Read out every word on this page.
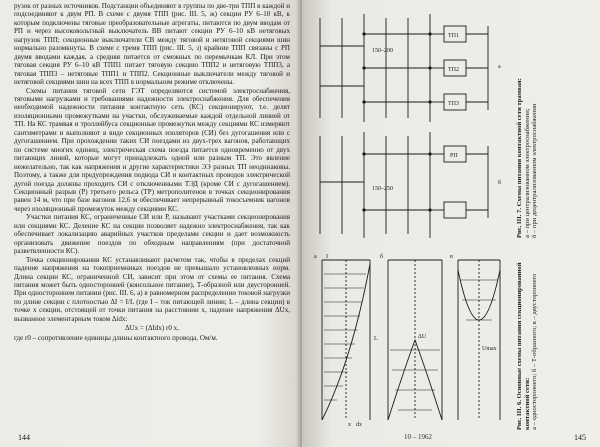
рузок от разных источников. Подстанции объединяют в группы по две-три ТПП в каждой и подсоединяют к двум РП. В схеме с двумя ТПП (рис. III. 5, ж) секции РУ 6–10 кВ, к которым подключены тяговые преобразовательные агрегаты, питаются по двум вводам от РП и через высоковольтный выключатель ВВ питают секции РУ 6–10 кВ нетяговых нагрузок ТПП; секционные выключатели СВ между тяговой и нетяговой секциями шин нормально разомкнуты. В схеме с тремя ТПП (рис. III. 5, з) крайние ТПП связаны с РП двумя вводами каждая, а средняя питается от смежных по перемычкам КЛ. При этом тяговая секция РУ 6–10 кВ ТПП1 питает тяговую секцию ТПП2 и нетяговую ТПП3, а тяговая ТПП3 – нетяговые ТПП1 и ТПП2. Секционные выключатели между тяговой и нетяговой секциями шин на всех ТПП в нормальном режиме отключены.

Схемы питания тяговой сети ГЭТ определяются системой электроснабжения, тяговыми нагрузками и требованиями надежности электроснабжения. Для обеспечения необходимой надежности питания контактную сеть (КС) секционируют, т.е. делят изоляционными промежутками на участки, обслуживаемые каждой отдельной линией от ТП. На КС трамвая и троллейбуса секционные промежутки между секциями КС измеряют сантиметрами и выполняют в виде секционных изоляторов (СИ) без дугогашения или с дугогашением. При прохождении таких СИ поездами из двух-трех вагонов, работающих по системе многих единиц, электрическая схема поезда питается одновременно от двух питающих линий, которые могут принадлежать одной или разным ТП. Это явление нежелательно, так как напряжения и другие характеристики ЭЭ разных ТП неодинаковы. Поэтому, а также для предупреждения подвода СИ и контактных проводов электрической дугой поезда должны проходить СИ с отключенными ТЭД (кроме СИ с дугогашением). Секционный разрыв (Р) третьего рельса (ТР) метрополитенов в точках секционирования равен 14 м, что при базе вагонов 12,6 м обеспечивает непрерывный токосъемник вагонов через изоляционный промежуток между секциями КС.

Участки питания КС, ограниченные СИ или Р, называют участками секционирования или секциями КС. Деление КС на секции позволяет надежно электроснабжения, так как обеспечивает локализацию аварийных участков пределами секции и дает возможность организовать движение поездов по обходным направлениям (при достаточной разветвленности КС).

Точка секционирования КС устанавливают расчетом так, чтобы в пределах секций падение напряжения на токоприемниках поездов не превышало установленных норм. Длина секции КС, ограниченной СИ, зависит при этом от схемы ее питания. Схема питания может быть односторонней (консольное питание), Т-образной или двусторонней. При одностороннем питании (рис. III. 6, а) в равномерном распределении токовой нагрузки по длине секции с плотностью ΔI = I/L (где I – ток питающей линии; L – длина секции) в точке х секции, отстоящей от точки питания на расстоянии х, падение напряжения ΔUx, вызванное элементарным током Δidx:

ΔUx = (ΔIdx) r0 x,

где r0 – сопротивление единицы длины контактного провода, Ом/м.

144
а
б
ТП1
ТП2
ТП3
РП
150–200
150–250	Рис. III. 7. Схемы питания контактной сети трамвая: а – при централизованном электроснабжении; б – при децентрализованном электроснабжении
а	б	в
L
I
x dx
ΔU
Umax	Рис. III. 6. Основные схемы питания секционированной контактной сети: а – одностороннего; б – Т-образного; в – двустороннего
10 – 1962	145
